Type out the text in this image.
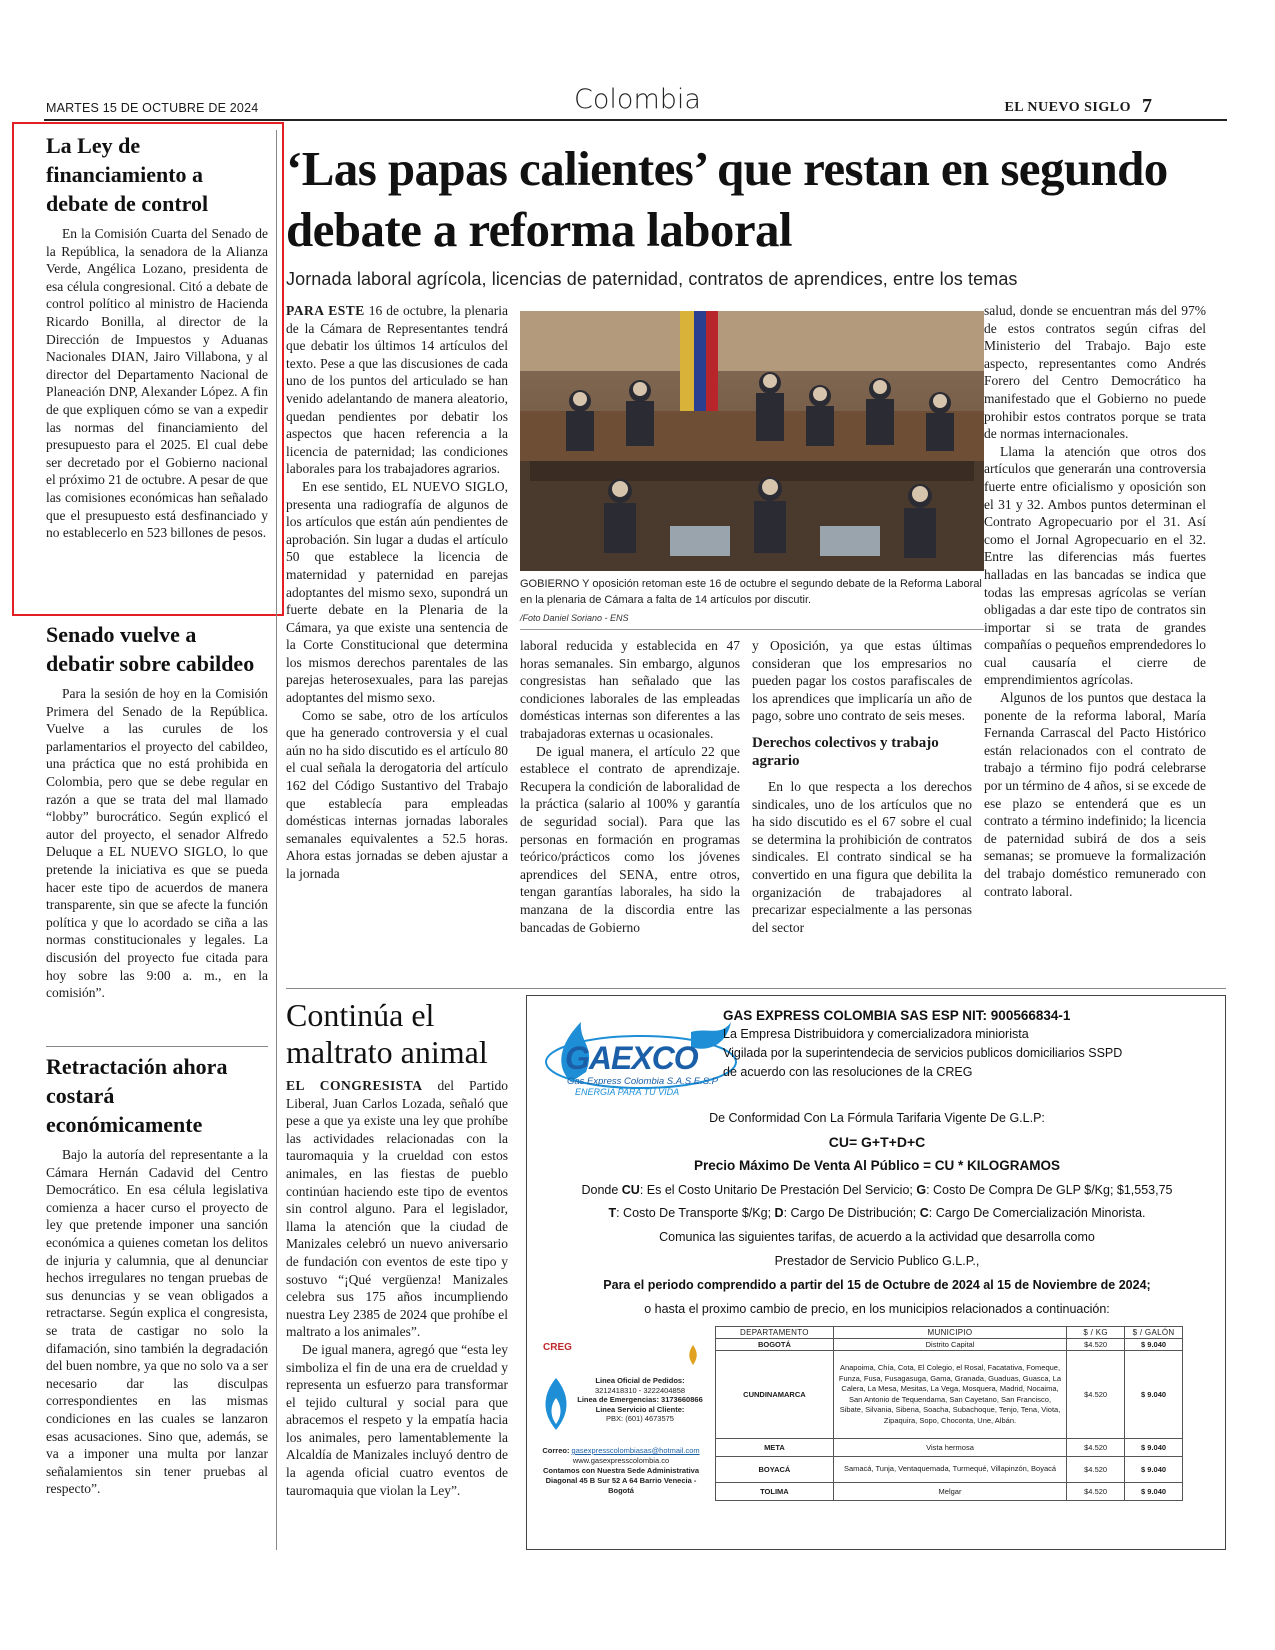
MARTES 15 DE OCTUBRE DE 2024	Colombia	EL NUEVO SIGLO 7
La Ley de financiamiento a debate de control

En la Comisión Cuarta del Senado de la República, la senadora de la Alianza Verde, Angélica Lozano, presidenta de esa célula congresional. Citó a debate de control político al ministro de Hacienda Ricardo Bonilla, al director de la Dirección de Impuestos y Aduanas Nacionales DIAN, Jairo Villabona, y al director del Departamento Nacional de Planeación DNP, Alexander López. A fin de que expliquen cómo se van a expedir las normas del financiamiento del presupuesto para el 2025. El cual debe ser decretado por el Gobierno nacional el próximo 21 de octubre. A pesar de que las comisiones económicas han señalado que el presupuesto está desfinanciado y no establecerlo en 523 billones de pesos.

Senado vuelve a debatir sobre cabildeo

Para la sesión de hoy en la Comisión Primera del Senado de la República. Vuelve a las curules de los parlamentarios el proyecto del cabildeo, una práctica que no está prohibida en Colombia, pero que se debe regular en razón a que se trata del mal llamado “lobby” burocrático. Según explicó el autor del proyecto, el senador Alfredo Deluque a EL NUEVO SIGLO, lo que pretende la iniciativa es que se pueda hacer este tipo de acuerdos de manera transparente, sin que se afecte la función política y que lo acordado se ciña a las normas constitucionales y legales. La discusión del proyecto fue citada para hoy sobre las 9:00 a. m., en la comisión”.

Retractación ahora costará económicamente

Bajo la autoría del representante a la Cámara Hernán Cadavid del Centro Democrático. En esa célula legislativa comienza a hacer curso el proyecto de ley que pretende imponer una sanción económica a quienes cometan los delitos de injuria y calumnia, que al denunciar hechos irregulares no tengan pruebas de sus denuncias y se vean obligados a retractarse. Según explica el congresista, se trata de castigar no solo la difamación, sino también la degradación del buen nombre, ya que no solo va a ser necesario dar las disculpas correspondientes en las mismas condiciones en las cuales se lanzaron esas acusaciones. Sino que, además, se va a imponer una multa por lanzar señalamientos sin tener pruebas al respecto”.

‘Las papas calientes’ que restan en segundo debate a reforma laboral
Jornada laboral agrícola, licencias de paternidad, contratos de aprendices, entre los temas

PARA ESTE 16 de octubre, la plenaria de la Cámara de Representantes tendrá que debatir los últimos 14 artículos del texto. Pese a que las discusiones de cada uno de los puntos del articulado se han venido adelantando de manera aleatorio, quedan pendientes por debatir los aspectos que hacen referencia a la licencia de paternidad; las condiciones laborales para los trabajadores agrarios.

En ese sentido, EL NUEVO SIGLO, presenta una radiografía de algunos de los artículos que están aún pendientes de aprobación. Sin lugar a dudas el artículo 50 que establece la licencia de maternidad y paternidad en parejas adoptantes del mismo sexo, supondrá un fuerte debate en la Plenaria de la Cámara, ya que existe una sentencia de la Corte Constitucional que determina los mismos derechos parentales de las parejas heterosexuales, para las parejas adoptantes del mismo sexo.

Como se sabe, otro de los artículos que ha generado controversia y el cual aún no ha sido discutido es el artículo 80 el cual señala la derogatoria del artículo 162 del Código Sustantivo del Trabajo que establecía para empleadas domésticas internas jornadas laborales semanales equivalentes a 52.5 horas. Ahora estas jornadas se deben ajustar a la jornada

GOBIERNO Y oposición retoman este 16 de octubre el segundo debate de la Reforma Laboral en la plenaria de Cámara a falta de 14 artículos por discutir.
/Foto Daniel Soriano - ENS

laboral reducida y establecida en 47 horas semanales. Sin embargo, algunos congresistas han señalado que las condiciones laborales de las empleadas domésticas internas son diferentes a las trabajadoras externas u ocasionales.

De igual manera, el artículo 22 que establece el contrato de aprendizaje. Recupera la condición de laboralidad de la práctica (salario al 100% y garantía de seguridad social). Para que las personas en formación en programas teórico/prácticos como los jóvenes aprendices del SENA, entre otros, tengan garantías laborales, ha sido la manzana de la discordia entre las bancadas de Gobierno

y Oposición, ya que estas últimas consideran que los empresarios no pueden pagar los costos parafiscales de los aprendices que implicaría un año de pago, sobre uno contrato de seis meses.

Derechos colectivos y trabajo agrario

En lo que respecta a los derechos sindicales, uno de los artículos que no ha sido discutido es el 67 sobre el cual se determina la prohibición de contratos sindicales. El contrato sindical se ha convertido en una figura que debilita la organización de trabajadores al precarizar especialmente a las personas del sector

salud, donde se encuentran más del 97% de estos contratos según cifras del Ministerio del Trabajo. Bajo este aspecto, representantes como Andrés Forero del Centro Democrático ha manifestado que el Gobierno no puede prohibir estos contratos porque se trata de normas internacionales.

Llama la atención que otros dos artículos que generarán una controversia fuerte entre oficialismo y oposición son el 31 y 32. Ambos puntos determinan el Contrato Agropecuario por el 31. Así como el Jornal Agropecuario en el 32. Entre las diferencias más fuertes halladas en las bancadas se indica que todas las empresas agrícolas se verían obligadas a dar este tipo de contratos sin importar si se trata de grandes compañías o pequeños emprendedores lo cual causaría el cierre de emprendimientos agrícolas.

Algunos de los puntos que destaca la ponente de la reforma laboral, María Fernanda Carrascal del Pacto Histórico están relacionados con el contrato de trabajo a término fijo podrá celebrarse por un término de 4 años, si se excede de ese plazo se entenderá que es un contrato a término indefinido; la licencia de paternidad subirá de dos a seis semanas; se promueve la formalización del trabajo doméstico remunerado con contrato laboral.

Continúa el maltrato animal

EL CONGRESISTA del Partido Liberal, Juan Carlos Lozada, señaló que pese a que ya existe una ley que prohíbe las actividades relacionadas con la tauromaquia y la crueldad con estos animales, en las fiestas de pueblo continúan haciendo este tipo de eventos sin control alguno. Para el legislador, llama la atención que la ciudad de Manizales celebró un nuevo aniversario de fundación con eventos de este tipo y sostuvo “¡Qué vergüenza! Manizales celebra sus 175 años incumpliendo nuestra Ley 2385 de 2024 que prohíbe el maltrato a los animales”.

De igual manera, agregó que “esta ley simboliza el fin de una era de crueldad y representa un esfuerzo para transformar el tejido cultural y social para que abracemos el respeto y la empatía hacia los animales, pero lamentablemente la Alcaldía de Manizales incluyó dentro de la agenda oficial cuatro eventos de tauromaquia que violan la Ley”.

GAEXCO
Gas Express Colombia S.A.S E.S.P
ENERGIA PARA TU VIDA
GAS EXPRESS COLOMBIA SAS ESP NIT: 900566834-1
La Empresa Distribuidora y comercializadora miniorista
Vigilada por la superintendecia de servicios publicos domiciliarios SSPD
de acuerdo con las resoluciones de la CREG
De Conformidad Con La Fórmula Tarifaria Vigente De G.L.P:
CU= G+T+D+C
Precio Máximo De Venta Al Público = CU * KILOGRAMOS
Donde CU: Es el Costo Unitario De Prestación Del Servicio; G: Costo De Compra De GLP $/Kg; $1,553,75
T: Costo De Transporte $/Kg; D: Cargo De Distribución; C: Cargo De Comercialización Minorista.
Comunica las siguientes tarifas, de acuerdo a la actividad que desarrolla como
Prestador de Servicio Publico G.L.P.,
Para el periodo comprendido a partir del 15 de Octubre de 2024 al 15 de Noviembre de 2024;
o hasta el proximo cambio de precio, en los municipios relacionados a continuación:
CREG
Linea Oficial de Pedidos:
3212418310 - 3222404858
Linea de Emergencias: 3173660866
Linea Servicio al Cliente:
PBX: (601) 4673575
Correo: gasexpresscolombiasas@hotmail.com
www.gasexpresscolombia.co
Contamos con Nuestra Sede Administrativa
Diagonal 45 B Sur 52 A 64 Barrio Venecia - Bogotá
DEPARTAMENTO	MUNICIPIO	$ / KG	$ / GALÓN
BOGOTÁ	Distrito Capital	$4.520	$ 9.040
CUNDINAMARCA	Anapoima, Chía, Cota, El Colegio, el Rosal, Facatativa, Fomeque, Funza, Fusa, Fusagasuga, Gama, Granada, Guaduas, Guasca, La Calera, La Mesa, Mesitas, La Vega, Mosquera, Madrid, Nocaima, San Antonio de Tequendama, San Cayetano, San Francisco, Sibate, Silvania, Sibena, Soacha, Subachoque, Tenjo, Tena, Viota, Zipaquira, Sopo, Choconta, Une, Albán.	$4.520	$ 9.040
META	Vista hermosa	$4.520	$ 9.040
BOYACÁ	Samacá, Tunja, Ventaquemada, Turmequé, Villapinzón, Boyacá	$4.520	$ 9.040
TOLIMA	Melgar	$4.520	$ 9.040
